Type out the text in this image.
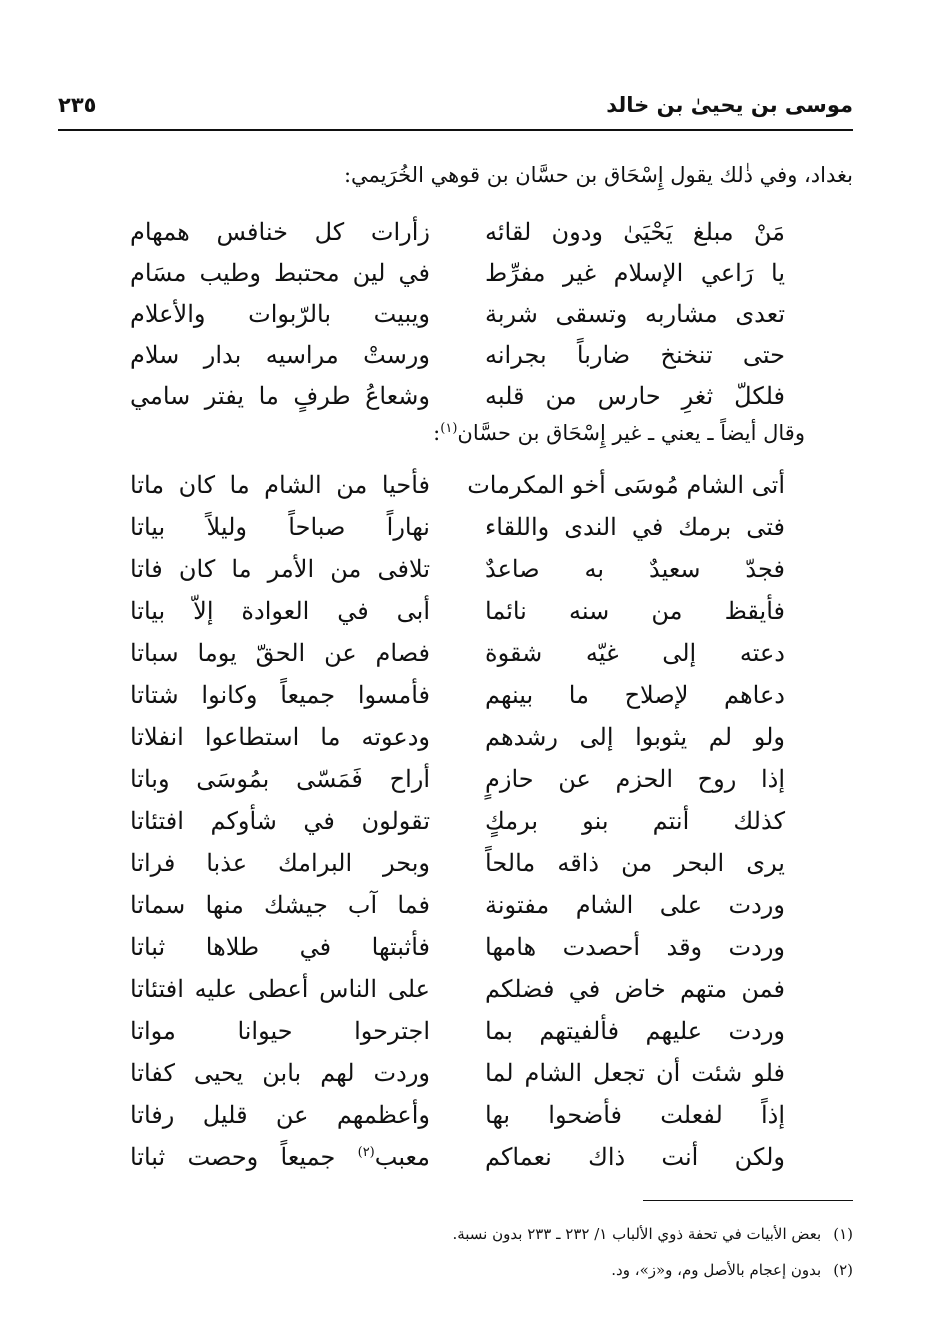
موسى بن يحيىٰ بن خالد
٢٣٥
بغداد، وفي ذٰلك يقول إِسْحَاق بن حسَّان بن قوهي الخُرَيمي:
مَنْ مبلغ يَحْيَىٰ ودون لقائه
زأرات كل خنافس همهام
يا رَاعي الإسلام غير مفرِّط
في لين محتبط وطيب مسَام
تعدى مشاربه وتسقى شربة
ويبيت بالرّبوات والأعلام
حتى تنخنخ ضارباً بجرانه
ورستْ مراسيه بدار سلام
فلكلّ ثغرِ حارس من قلبه
وشعاعُ طرفٍ ما يفتر سامي
وقال أيضاً ـ يعني ـ غير إِسْحَاق بن حسَّان$^{(١)}$:
أتى الشام مُوسَى أخو المكرمات
فأحيا من الشام ما كان ماتا
فتى برمك في الندى واللقاء
نهاراً صباحاً وليلاً بياتا
فجدّ سعيدٌ به صاعدٌ
تلافى من الأمر ما كان فاتا
فأيقظ من سنه نائما
أبى في العوادة إلاّ بياتا
دعته إلى غيّه شقوة
فصام عن الحقّ يوما سباتا
دعاهم لإصلاح ما بينهم
فأمسوا جميعاً وكانوا شتاتا
ولو لم يثوبوا إلى رشدهم
ودعوته ما استطاعوا انفلاتا
إذا روح الحزم عن حازمٍ
أراح فَمَسّى بمُوسَى وباتا
كذلك أنتم بنو برمكٍ
تقولون في شأوكم افتئاتا
يرى البحر من ذاقه مالحاً
وبحر البرامك عذبا فراتا
وردت على الشام مفتونة
فما آب جيشك منها سماتا
وردت وقد أحصدت هامها
فأثبتها في طلاها ثباتا
فمن متهم خاض في فضلكم
على الناس أعطى عليه افتئاتا
وردت عليهم فألفيتهم بما
اجترحوا حيوانا مواتا
فلو شئت أن تجعل الشام لما
وردت لهم بابن يحيى كفاتا
إذاً لفعلت فأضحوا بها
وأعظمهم عن قليل رفاتا
ولكن أنت ذاك نعماكم
معبب$^{(٢)}$ جميعاً وحصت ثباتا
(١)
بعض الأبيات في تحفة ذوي الألباب ١/ ٢٣٢ ـ ٢٣٣ بدون نسبة.
(٢)
بدون إعجام بالأصل وم، و«ز»، ود.
